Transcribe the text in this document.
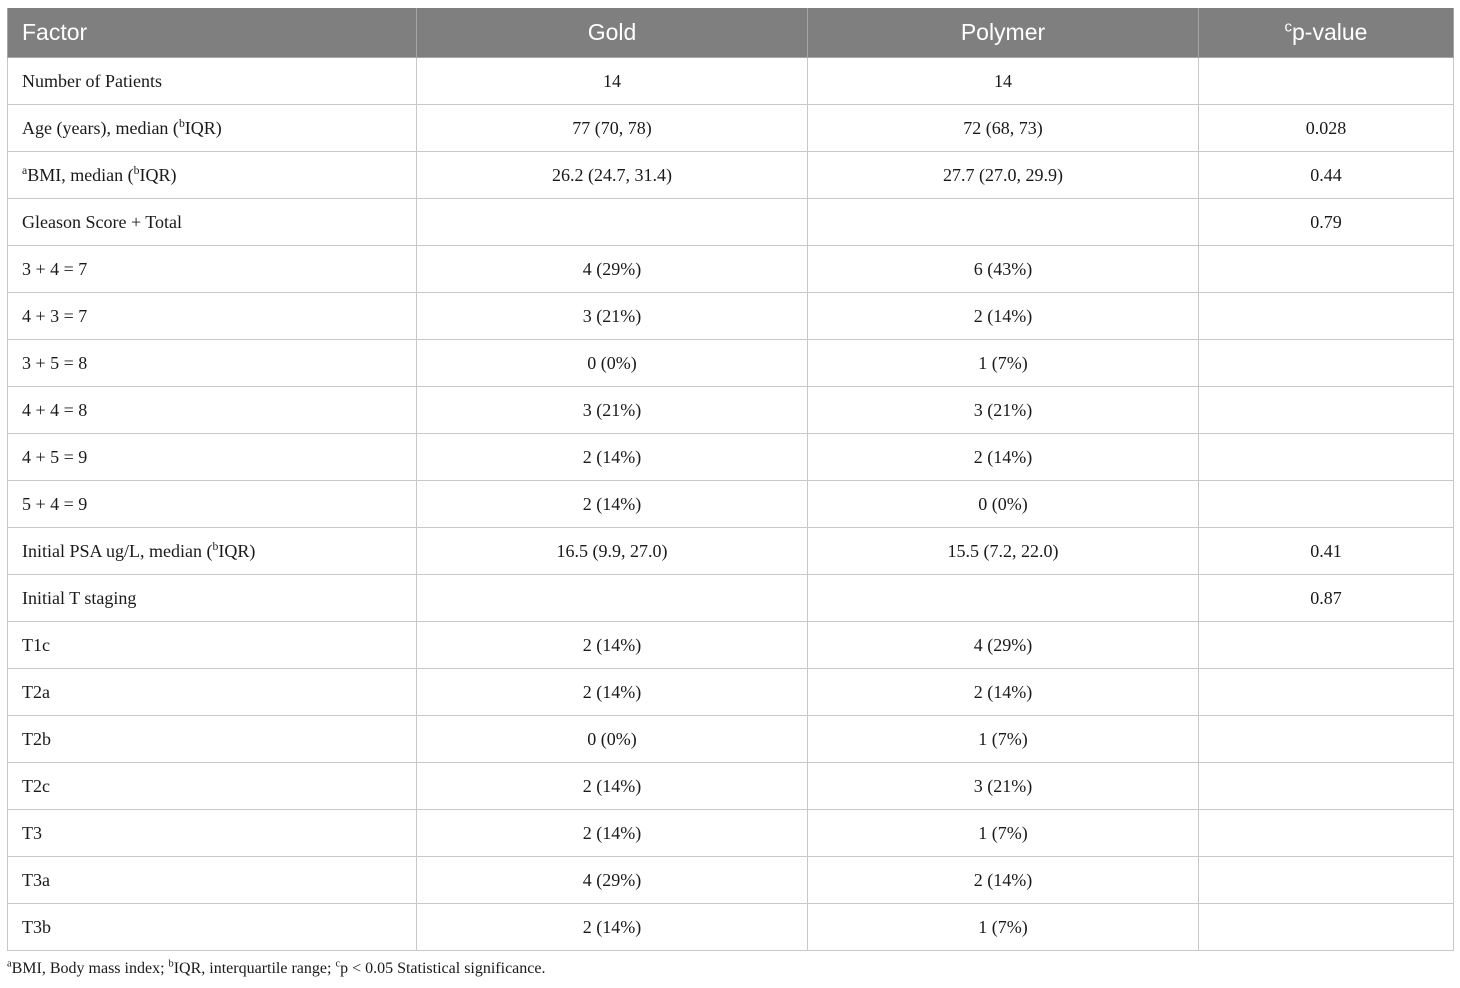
Factor	Gold	Polymer	$^c$p-value
Number of Patients	14	14	
Age (years), median ($^b$IQR)	77 (70, 78)	72 (68, 73)	0.028
$^a$BMI, median ($^b$IQR)	26.2 (24.7, 31.4)	27.7 (27.0, 29.9)	0.44
Gleason Score + Total			0.79
3 + 4 = 7	4 (29%)	6 (43%)	
4 + 3 = 7	3 (21%)	2 (14%)	
3 + 5 = 8	0 (0%)	1 (7%)	
4 + 4 = 8	3 (21%)	3 (21%)	
4 + 5 = 9	2 (14%)	2 (14%)	
5 + 4 = 9	2 (14%)	0 (0%)	
Initial PSA ug/L, median ($^b$IQR)	16.5 (9.9, 27.0)	15.5 (7.2, 22.0)	0.41
Initial T staging			0.87
T1c	2 (14%)	4 (29%)	
T2a	2 (14%)	2 (14%)	
T2b	0 (0%)	1 (7%)	
T2c	2 (14%)	3 (21%)	
T3	2 (14%)	1 (7%)	
T3a	4 (29%)	2 (14%)	
T3b	2 (14%)	1 (7%)	
$^a$BMI, Body mass index; $^b$IQR, interquartile range; $^c$p < 0.05 Statistical significance.
